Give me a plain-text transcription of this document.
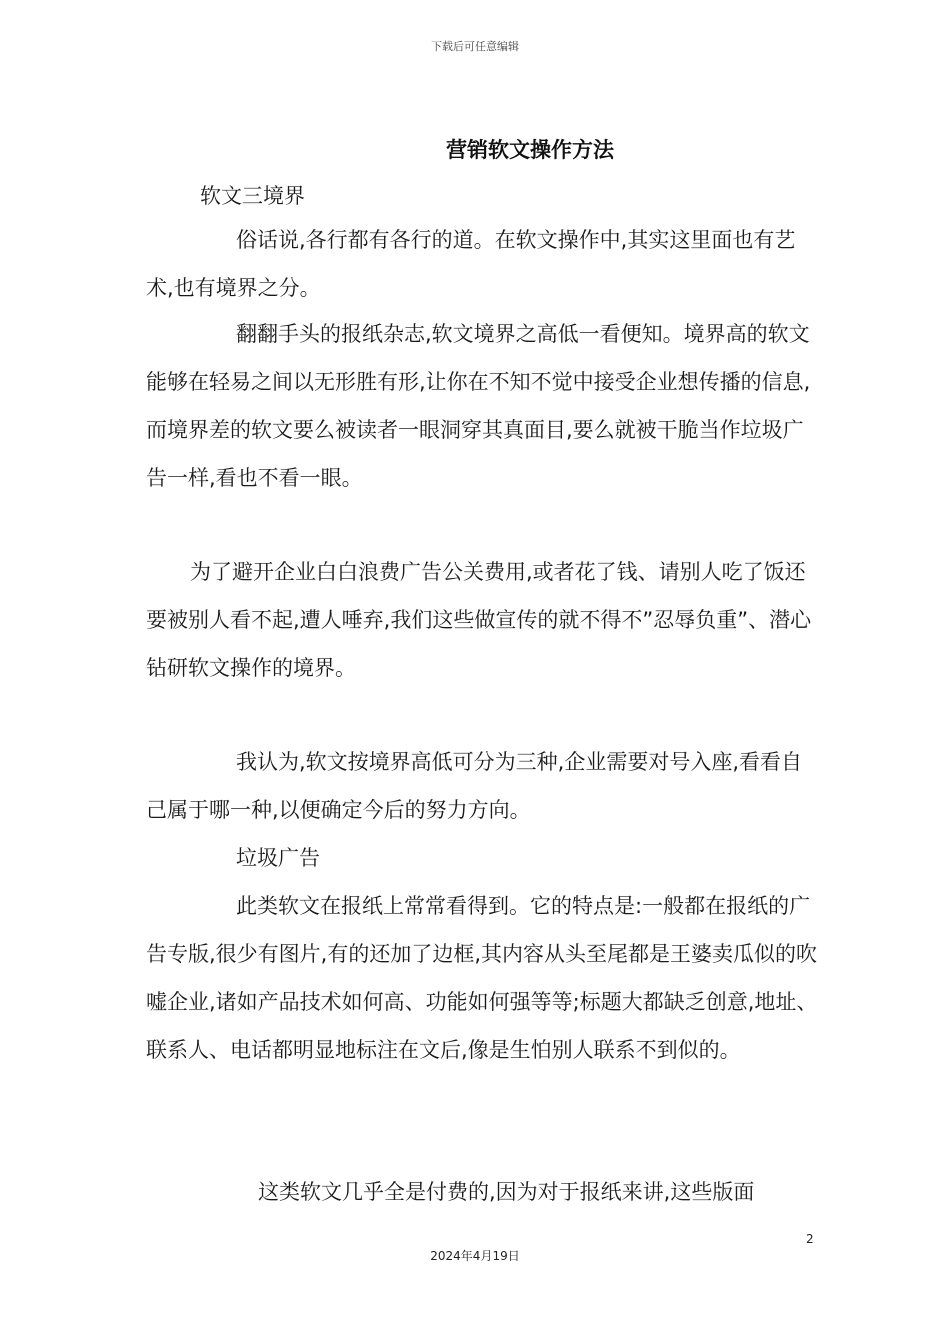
下载后可任意编辑
营销软文操作方法

软文三境界

俗话说,各行都有各行的道。在软文操作中,其实这里面也有艺术,也有境界之分。

翻翻手头的报纸杂志,软文境界之高低一看便知。境界高的软文能够在轻易之间以无形胜有形,让你在不知不觉中接受企业想传播的信息,而境界差的软文要么被读者一眼洞穿其真面目,要么就被干脆当作垃圾广告一样,看也不看一眼。

为了避开企业白白浪费广告公关费用,或者花了钱、请别人吃了饭还要被别人看不起,遭人唾弃,我们这些做宣传的就不得不”忍辱负重”、潜心钻研软文操作的境界。

我认为,软文按境界高低可分为三种,企业需要对号入座,看看自己属于哪一种,以便确定今后的努力方向。

垃圾广告

此类软文在报纸上常常看得到。它的特点是:一般都在报纸的广告专版,很少有图片,有的还加了边框,其内容从头至尾都是王婆卖瓜似的吹嘘企业,诸如产品技术如何高、功能如何强等等;标题大都缺乏创意,地址、联系人、电话都明显地标注在文后,像是生怕别人联系不到似的。

这类软文几乎全是付费的,因为对于报纸来讲,这些版面

2
2024年4月19日
